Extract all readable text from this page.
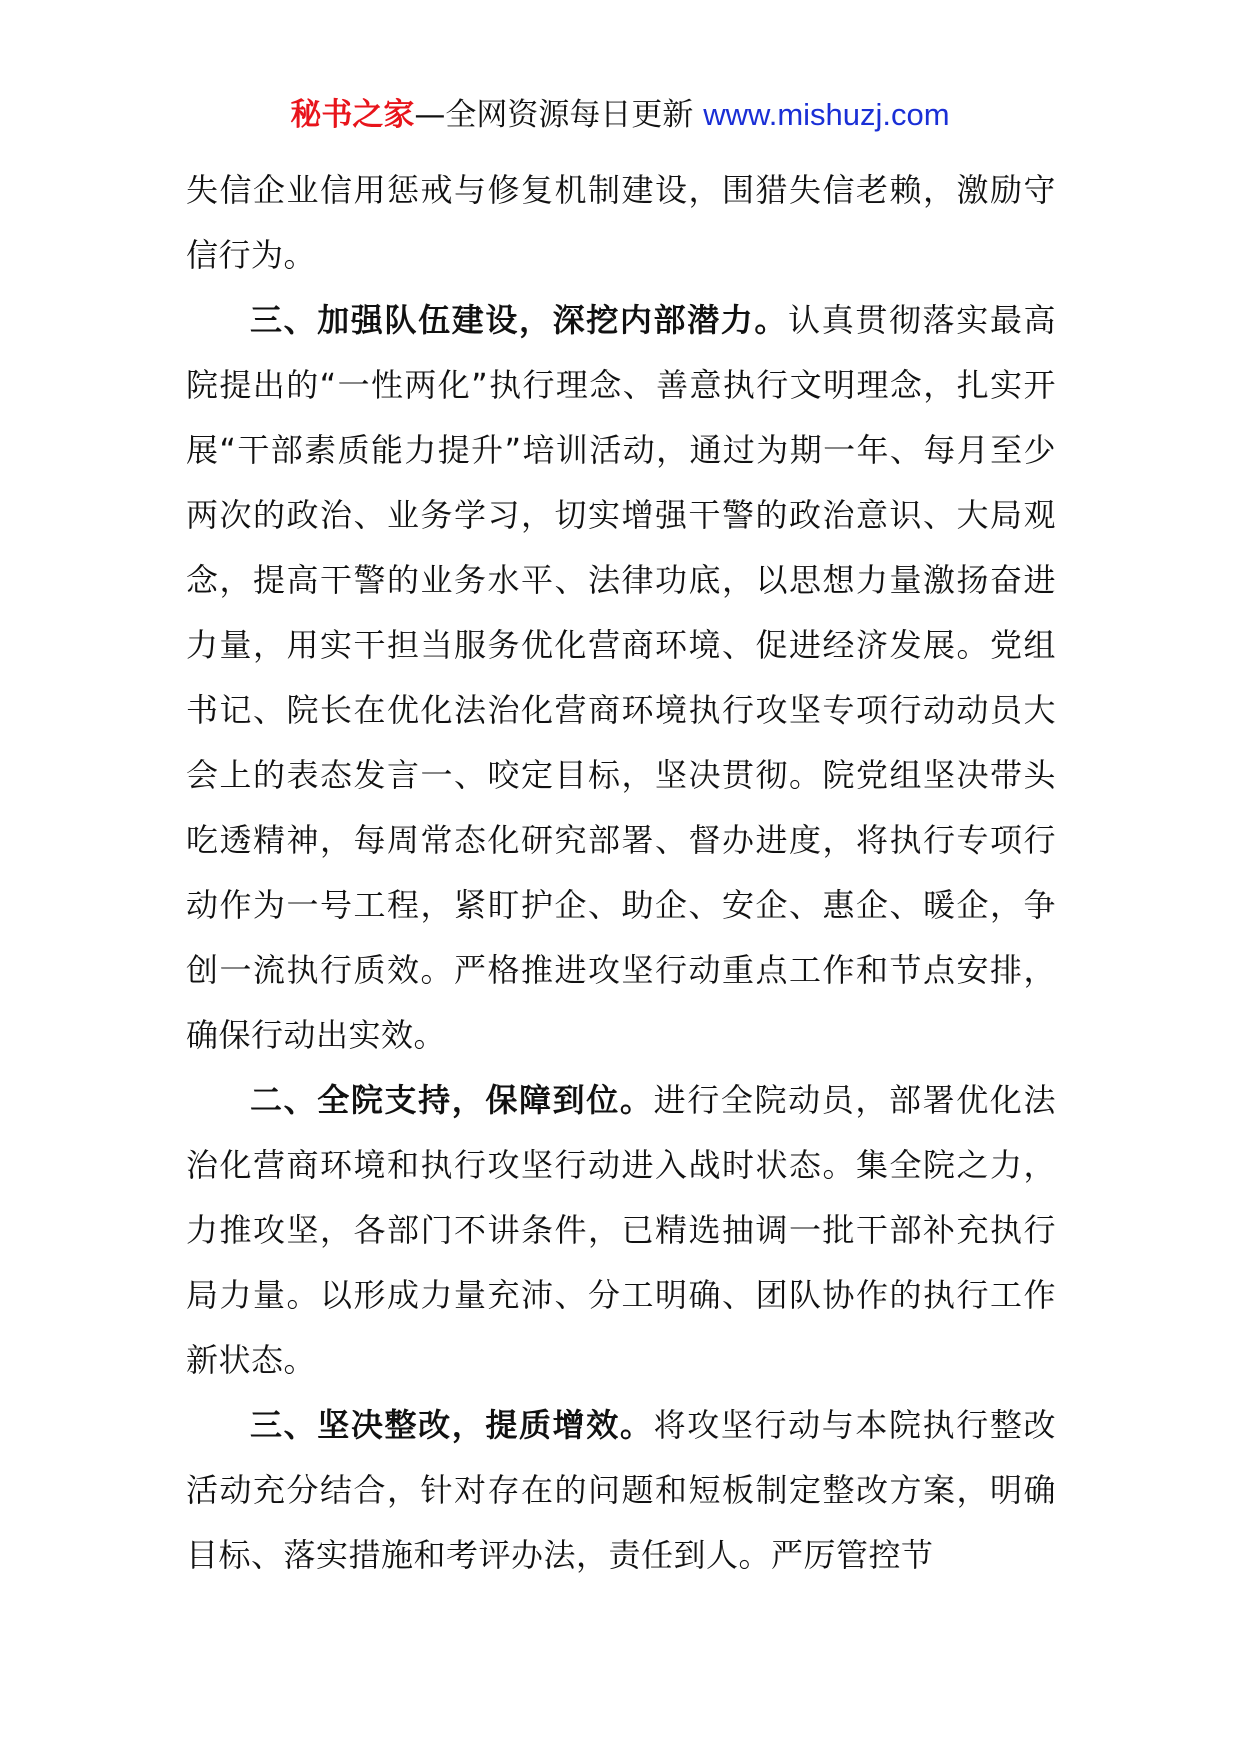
秘书之家—全网资源每日更新 www.mishuzj.com

失信企业信用惩戒与修复机制建设，围猎失信老赖，激励守信行为。

三、加强队伍建设，深挖内部潜力。认真贯彻落实最高院提出的“一性两化”执行理念、善意执行文明理念，扎实开展“干部素质能力提升”培训活动，通过为期一年、每月至少两次的政治、业务学习，切实增强干警的政治意识、大局观念，提高干警的业务水平、法律功底，以思想力量激扬奋进力量，用实干担当服务优化营商环境、促进经济发展。党组书记、院长在优化法治化营商环境执行攻坚专项行动动员大会上的表态发言一、咬定目标，坚决贯彻。院党组坚决带头吃透精神，每周常态化研究部署、督办进度，将执行专项行动作为一号工程，紧盯护企、助企、安企、惠企、暖企，争创一流执行质效。严格推进攻坚行动重点工作和节点安排，确保行动出实效。

二、全院支持，保障到位。进行全院动员，部署优化法治化营商环境和执行攻坚行动进入战时状态。集全院之力，力推攻坚，各部门不讲条件，已精选抽调一批干部补充执行局力量。以形成力量充沛、分工明确、团队协作的执行工作新状态。

三、坚决整改，提质增效。将攻坚行动与本院执行整改活动充分结合，针对存在的问题和短板制定整改方案，明确目标、落实措施和考评办法，责任到人。严厉管控节
